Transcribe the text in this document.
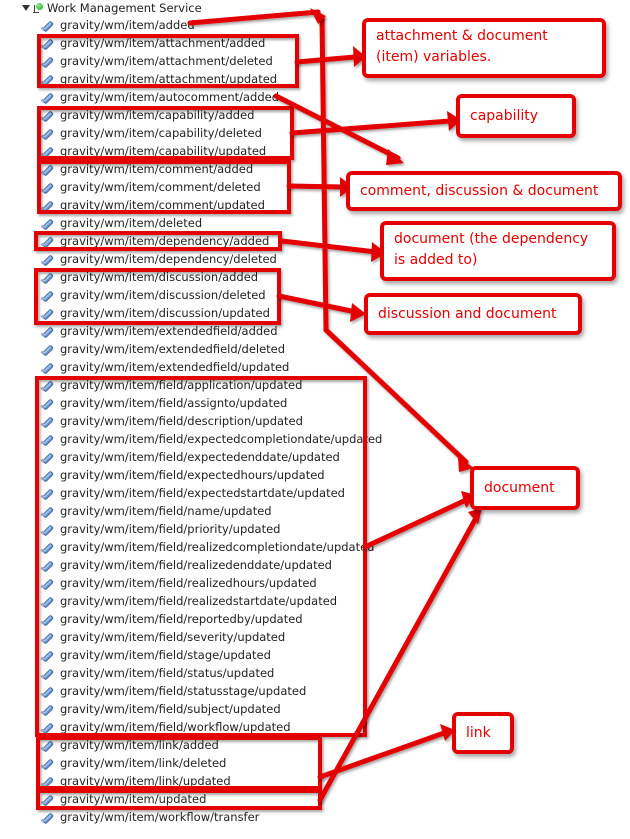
Work Management Service
gravity/wm/item/added
gravity/wm/item/attachment/added
gravity/wm/item/attachment/deleted
gravity/wm/item/attachment/updated
gravity/wm/item/autocomment/added
gravity/wm/item/capability/added
gravity/wm/item/capability/deleted
gravity/wm/item/capability/updated
gravity/wm/item/comment/added
gravity/wm/item/comment/deleted
gravity/wm/item/comment/updated
gravity/wm/item/deleted
gravity/wm/item/dependency/added
gravity/wm/item/dependency/deleted
gravity/wm/item/discussion/added
gravity/wm/item/discussion/deleted
gravity/wm/item/discussion/updated
gravity/wm/item/extendedfield/added
gravity/wm/item/extendedfield/deleted
gravity/wm/item/extendedfield/updated
gravity/wm/item/field/application/updated
gravity/wm/item/field/assignto/updated
gravity/wm/item/field/description/updated
gravity/wm/item/field/expectedcompletiondate/updated
gravity/wm/item/field/expectedenddate/updated
gravity/wm/item/field/expectedhours/updated
gravity/wm/item/field/expectedstartdate/updated
gravity/wm/item/field/name/updated
gravity/wm/item/field/priority/updated
gravity/wm/item/field/realizedcompletiondate/updated
gravity/wm/item/field/realizedenddate/updated
gravity/wm/item/field/realizedhours/updated
gravity/wm/item/field/realizedstartdate/updated
gravity/wm/item/field/reportedby/updated
gravity/wm/item/field/severity/updated
gravity/wm/item/field/stage/updated
gravity/wm/item/field/status/updated
gravity/wm/item/field/statusstage/updated
gravity/wm/item/field/subject/updated
gravity/wm/item/field/workflow/updated
gravity/wm/item/link/added
gravity/wm/item/link/deleted
gravity/wm/item/link/updated
gravity/wm/item/updated
gravity/wm/item/workflow/transfer
attachment & document (item) variables.
capability
comment, discussion & document
document (the dependency is added to)
discussion and document
document
link
